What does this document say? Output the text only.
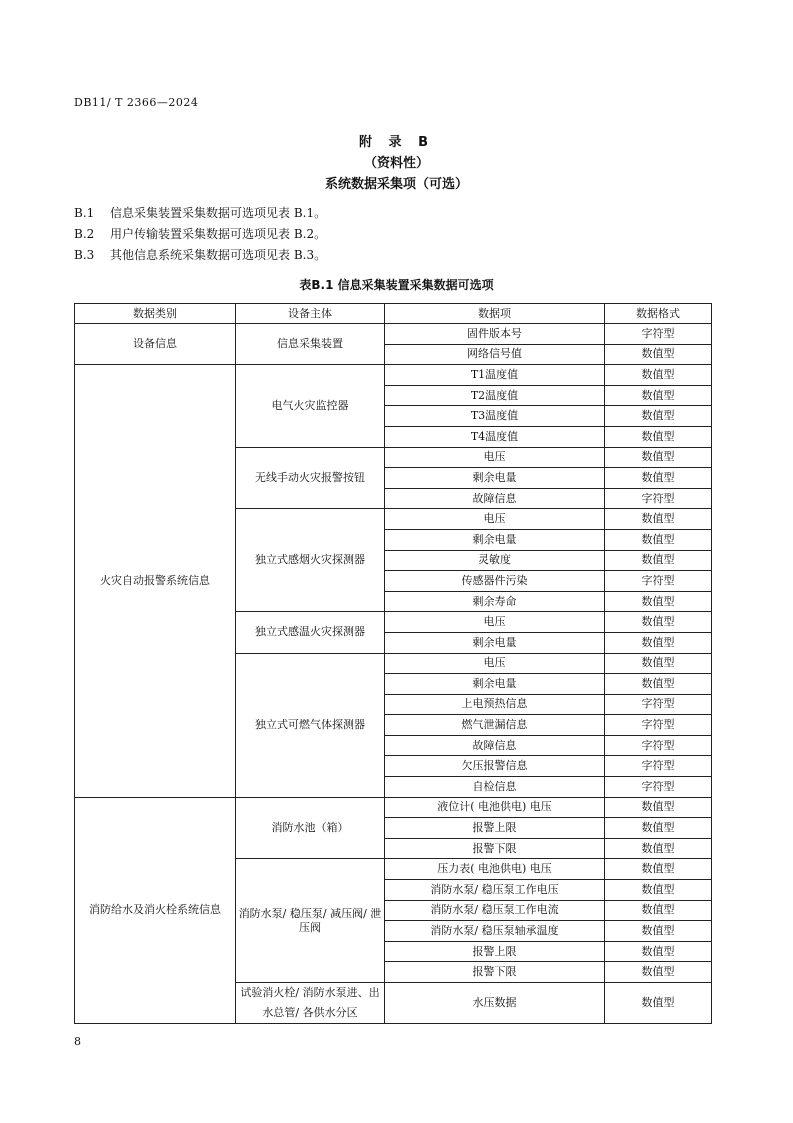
DB11/ T 2366—2024
附 录 B
（资料性）
系统数据采集项（可选）
B.1 信息采集装置采集数据可选项见表 B.1。
B.2 用户传输装置采集数据可选项见表 B.2。
B.3 其他信息系统采集数据可选项见表 B.3。
表B.1 信息采集装置采集数据可选项
数据类别	设备主体	数据项	数据格式
设备信息	信息采集装置	固件版本号	字符型
		网络信号值	数值型
火灾自动报警系统信息	电气火灾监控器	T1温度值	数值型
		T2温度值	数值型
		T3温度值	数值型
		T4温度值	数值型
	无线手动火灾报警按钮	电压	数值型
		剩余电量	数值型
		故障信息	字符型
	独立式感烟火灾探测器	电压	数值型
		剩余电量	数值型
		灵敏度	数值型
		传感器件污染	字符型
		剩余寿命	数值型
	独立式感温火灾探测器	电压	数值型
		剩余电量	数值型
	独立式可燃气体探测器	电压	数值型
		剩余电量	数值型
		上电预热信息	字符型
		燃气泄漏信息	字符型
		故障信息	字符型
		欠压报警信息	字符型
		自检信息	字符型
消防给水及消火栓系统信息	消防水池（箱）	液位计( 电池供电) 电压	数值型
		报警上限	数值型
		报警下限	数值型
	消防水泵/ 稳压泵/ 减压阀/ 泄压阀	压力表( 电池供电) 电压	数值型
		消防水泵/ 稳压泵工作电压	数值型
		消防水泵/ 稳压泵工作电流	数值型
		消防水泵/ 稳压泵轴承温度	数值型
		报警上限	数值型
		报警下限	数值型
	试验消火栓/ 消防水泵进、出水总管/ 各供水分区	水压数据	数值型
8
